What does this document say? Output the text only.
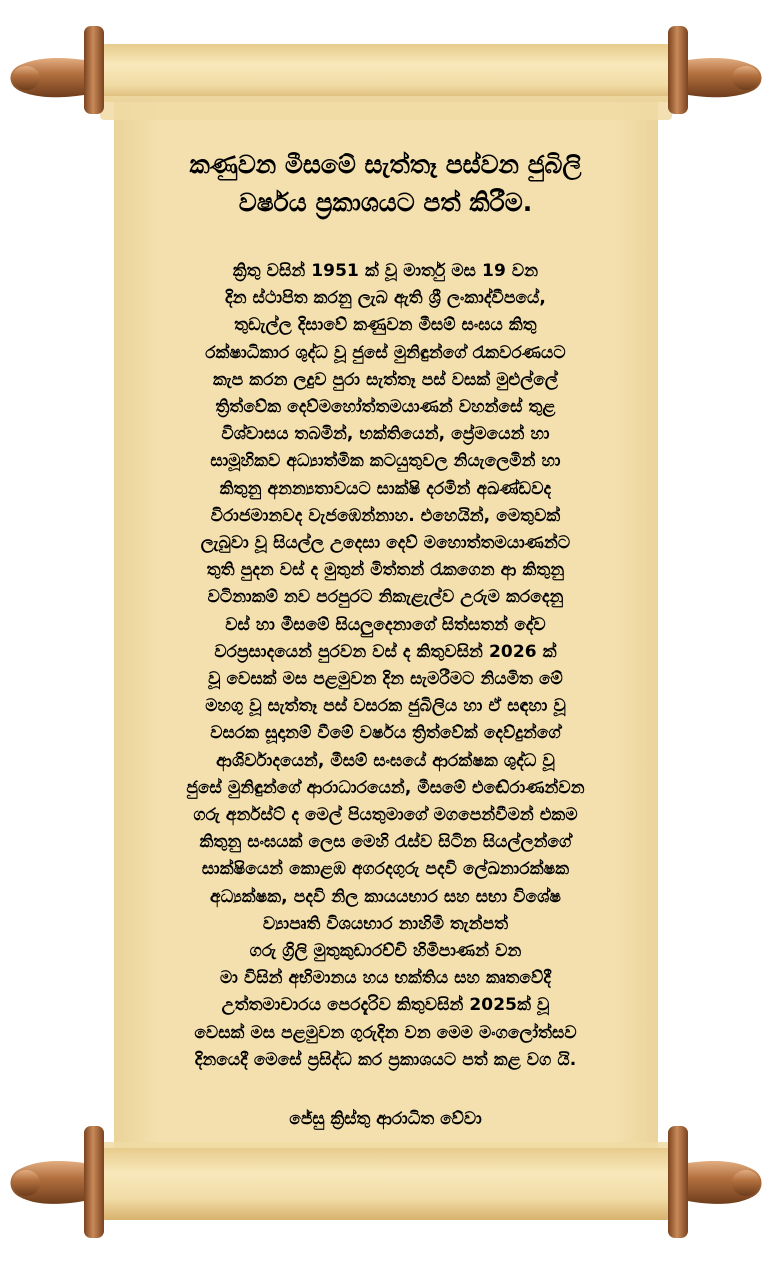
කණුවන මීසමේ සැත්තෑ පස්වන ජුබිලි
වර්ෂය ප්‍රකාශයට පත් කිරීම.
ක්‍රිතු වසින් 1951 ක් වූ මාර්තු මස 19 වන
දින ස්ථාපිත කරනු ලැබ ඇති ශ්‍රී ලංකාද්වීපයේ,
තුඩැල්ල දිසාවේ කණුවන මීසම් සංඝය කිතු
රක්ෂාධිකාර ශුද්ධ වූ ජුසේ මුනිඳුන්ගේ රැකවරණයට
කැප කරන ලදුව පුරා සැත්තෑ පස් වසක් මුළුල්ලේ
ත්‍රිත්වේක දෙව්මහෝත්තමයාණන් වහන්සේ තුළ
විශ්වාසය තබමින්, භක්තියෙන්, ප්‍රේමයෙන් හා
සාමූහිකව අධ්‍යාත්මික කටයුතුවල නියැලෙමින් හා
කිතුනු අනන්‍යතාවයට සාක්ෂි දරමින් අඛණ්ඩවද
විරාජමානවද වැජඹෙන්නාහ. එහෙයින්, මෙතුවක්
ලැබුවා වූ සියල්ල උදෙසා දෙව් මහොත්තමයාණන්ට
තුති පුදන වස් ද මුතුන් මිත්තන් රැකගෙන ආ කිතුනු
වටිනාකම් නව පරපුරට නිකැළැල්ව උරුම කරදෙනු
වස් හා මීසමේ සියලුදෙනාගේ සිත්සතන් දේව
වරප්‍රසාදයෙන් පුරවන වස් ද කිතුවසින් 2026 ක්
වූ වෙසක් මස පළමුවන දින සැමරීමට නියමිත මේ
මහගු වූ සැත්තෑ පස් වසරක ජුබිලිය හා ඒ සඳහා වූ
වසරක සූදානම් වීමේ වර්ෂය ත්‍රිත්වේක් දෙව්දුන්ගේ
ආශිර්වාදයෙන්, මීසම් සංඝයේ ආරක්ෂක ශුද්ධ වූ
ජුසේ මුනිඳුන්ගේ ආරාධාරයෙන්, මීසමේ එඬේරාණන්වන
ගරු අර්නස්ට් ද මෙල් පියතුමාගේ මගපෙන්වීමන් එකම
කිතුනු සංඝයක් ලෙස මෙහි රැස්ව සිටින සියල්ලන්ගේ
සාක්ෂියෙන් කොළඹ අගරදගුරු පදවි ලේඛනාරක්ෂක
අධ්‍යක්ෂක, පදවි නිල කායයභාර සහ සභා විශේෂ
ව්‍යාපෘති විශයභාර නාහිමි තැන්පත්
ගරු ග්‍රිලි මුතුකුඩාරච්චි හිමිපාණන් වන
මා විසින් අභිමානය හය භක්තිය සහ කෘතවේදී
උත්තමාචාරය පෙරදැරිව කිතුවසින් 2025ක් වූ
වෙසක් මස පළමුවන ගුරුදින වන මෙම මංගලෝත්සව
දිනයෙදී මෙසේ ප්‍රසිද්ධ කර ප්‍රකාශයට පත් කළ වග යි.
ජේසු ක්‍රිස්තු ආරාධිත වේවා
